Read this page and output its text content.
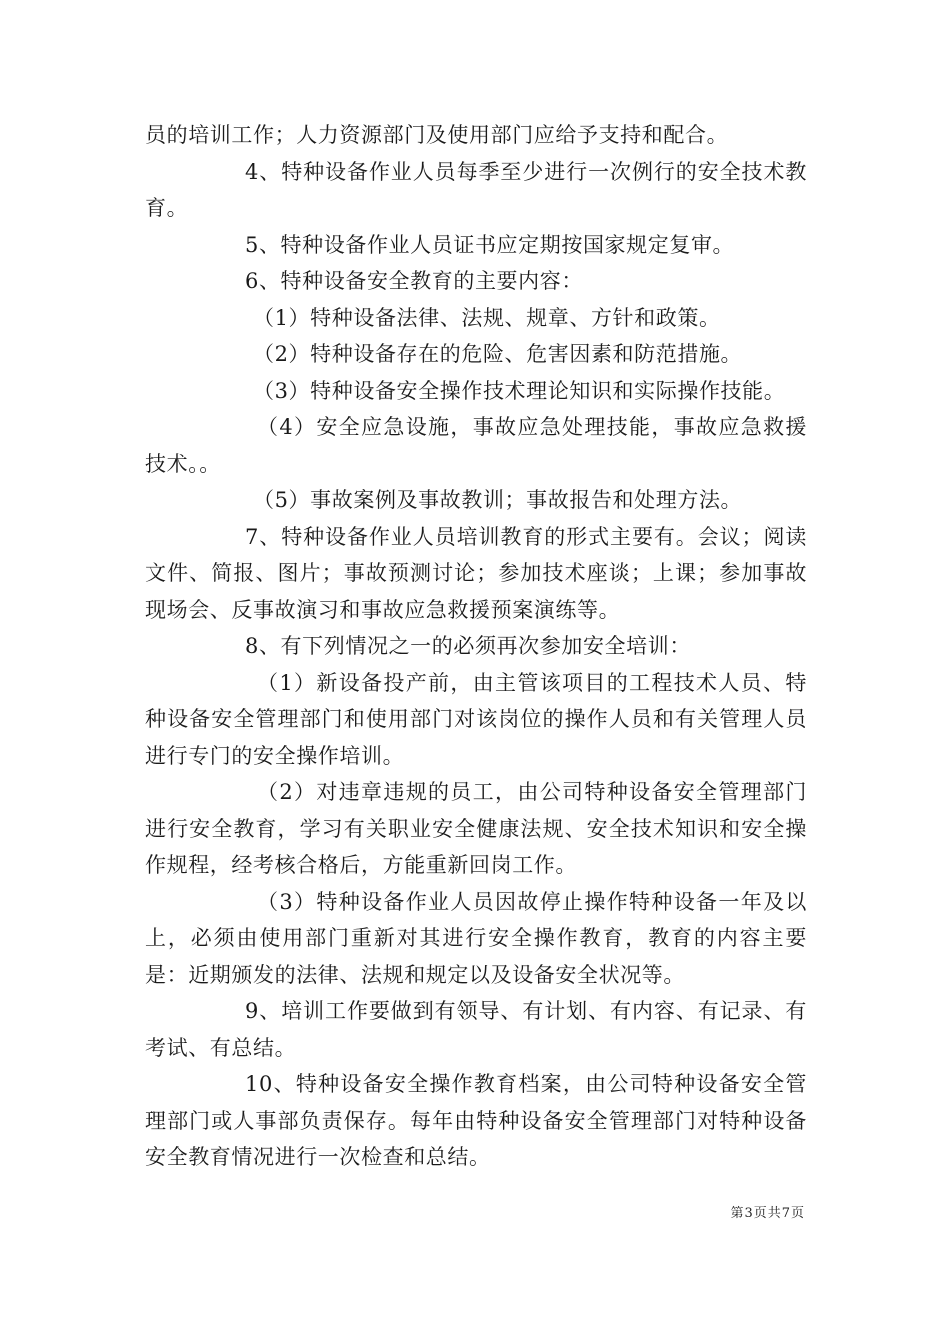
员的培训工作；人力资源部门及使用部门应给予支持和配合。

4、特种设备作业人员每季至少进行一次例行的安全技术教育。

5、特种设备作业人员证书应定期按国家规定复审。

6、特种设备安全教育的主要内容：

（1）特种设备法律、法规、规章、方针和政策。

（2）特种设备存在的危险、危害因素和防范措施。

（3）特种设备安全操作技术理论知识和实际操作技能。

（4）安全应急设施，事故应急处理技能，事故应急救援技术。。

（5）事故案例及事故教训；事故报告和处理方法。

7、特种设备作业人员培训教育的形式主要有。会议；阅读文件、简报、图片；事故预测讨论；参加技术座谈；上课；参加事故现场会、反事故演习和事故应急救援预案演练等。

8、有下列情况之一的必须再次参加安全培训：

（1）新设备投产前，由主管该项目的工程技术人员、特种设备安全管理部门和使用部门对该岗位的操作人员和有关管理人员进行专门的安全操作培训。

（2）对违章违规的员工，由公司特种设备安全管理部门进行安全教育，学习有关职业安全健康法规、安全技术知识和安全操作规程，经考核合格后，方能重新回岗工作。

（3）特种设备作业人员因故停止操作特种设备一年及以上，必须由使用部门重新对其进行安全操作教育，教育的内容主要是：近期颁发的法律、法规和规定以及设备安全状况等。

9、培训工作要做到有领导、有计划、有内容、有记录、有考试、有总结。

10、特种设备安全操作教育档案，由公司特种设备安全管理部门或人事部负责保存。每年由特种设备安全管理部门对特种设备安全教育情况进行一次检查和总结。

第3页共7页
